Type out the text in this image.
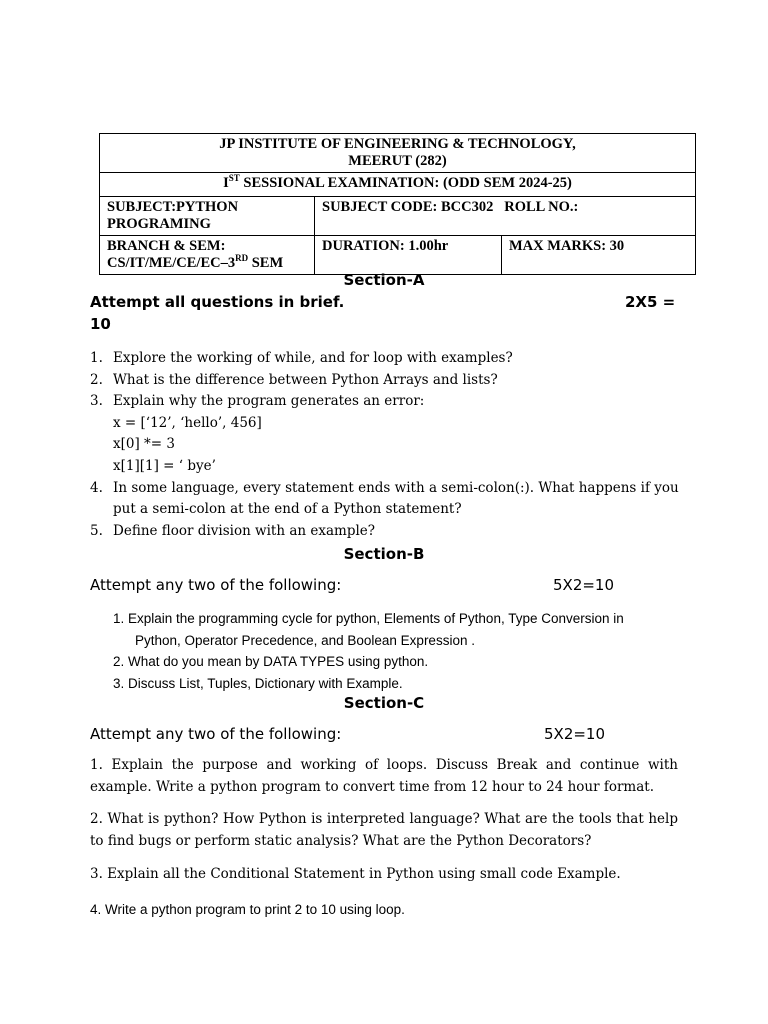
JP INSTITUTE OF ENGINEERING & TECHNOLOGY,
MEERUT (282)		

IST SESSIONAL EXAMINATION: (ODD SEM 2024-25)		

SUBJECT:PYTHON
PROGRAMING	SUBJECT CODE: BCC302 ROLL NO.:	

BRANCH & SEM:
CS/IT/ME/CE/EC–3RD SEM	DURATION: 1.00hr	MAX MARKS: 30
Section-A
Attempt all questions in brief.	2X5 =
10
1. Explore the working of while, and for loop with examples?
2. What is the difference between Python Arrays and lists?
3. Explain why the program generates an error:
x = [‘12’, ‘hello’, 456]
x[0] *= 3
x[1][1] = ‘ bye’
4. In some language, every statement ends with a semi-colon(:). What happens if you put a semi-colon at the end of a Python statement?
5. Define floor division with an example?
Section-B
Attempt any two of the following:	5X2=10
1. Explain the programming cycle for python, Elements of Python, Type Conversion in
Python, Operator Precedence, and Boolean Expression .
2. What do you mean by DATA TYPES using python.
3. Discuss List, Tuples, Dictionary with Example.
Section-C
Attempt any two of the following:	5X2=10
1. Explain the purpose and working of loops. Discuss Break and continue with example. Write a python program to convert time from 12 hour to 24 hour format.
2. What is python? How Python is interpreted language? What are the tools that help to find bugs or perform static analysis? What are the Python Decorators?
3. Explain all the Conditional Statement in Python using small code Example.
4. Write a python program to print 2 to 10 using loop.
